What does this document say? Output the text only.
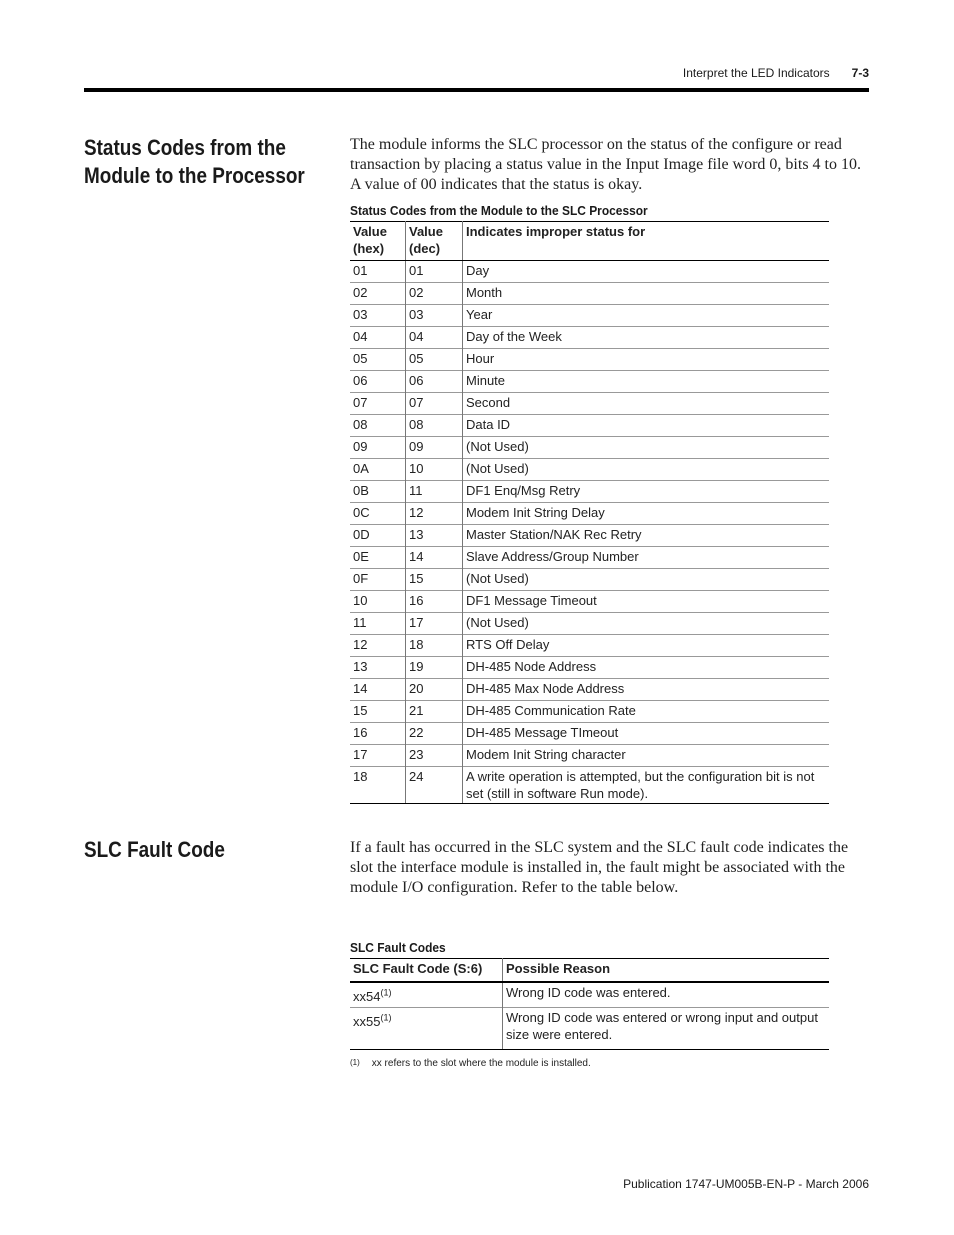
Interpret the LED Indicators 7-3
Status Codes from the
Module to the Processor
The module informs the SLC processor on the status of the configure or read transaction by placing a status value in the Input Image file word 0, bits 4 to 10. A value of 00 indicates that the status is okay.
Status Codes from the Module to the SLC Processor
Value (hex)	Value (dec)	Indicates improper status for
01	01	Day
02	02	Month
03	03	Year
04	04	Day of the Week
05	05	Hour
06	06	Minute
07	07	Second
08	08	Data ID
09	09	(Not Used)
0A	10	(Not Used)
0B	11	DF1 Enq/Msg Retry
0C	12	Modem Init String Delay
0D	13	Master Station/NAK Rec Retry
0E	14	Slave Address/Group Number
0F	15	(Not Used)
10	16	DF1 Message Timeout
11	17	(Not Used)
12	18	RTS Off Delay
13	19	DH-485 Node Address
14	20	DH-485 Max Node Address
15	21	DH-485 Communication Rate
16	22	DH-485 Message TImeout
17	23	Modem Init String character
18	24	A write operation is attempted, but the configuration bit is not set (still in software Run mode).
SLC Fault Code	If a fault has occurred in the SLC system and the SLC fault code indicates the slot the interface module is installed in, the fault might be associated with the module I/O configuration. Refer to the table below.
SLC Fault Codes
SLC Fault Code (S:6)	Possible Reason
xx54$^{(1)}$	Wrong ID code was entered.
xx55$^{(1)}$	Wrong ID code was entered or wrong input and output size were entered.
$^{(1)}$ xx refers to the slot where the module is installed.
Publication 1747-UM005B-EN-P - March 2006
